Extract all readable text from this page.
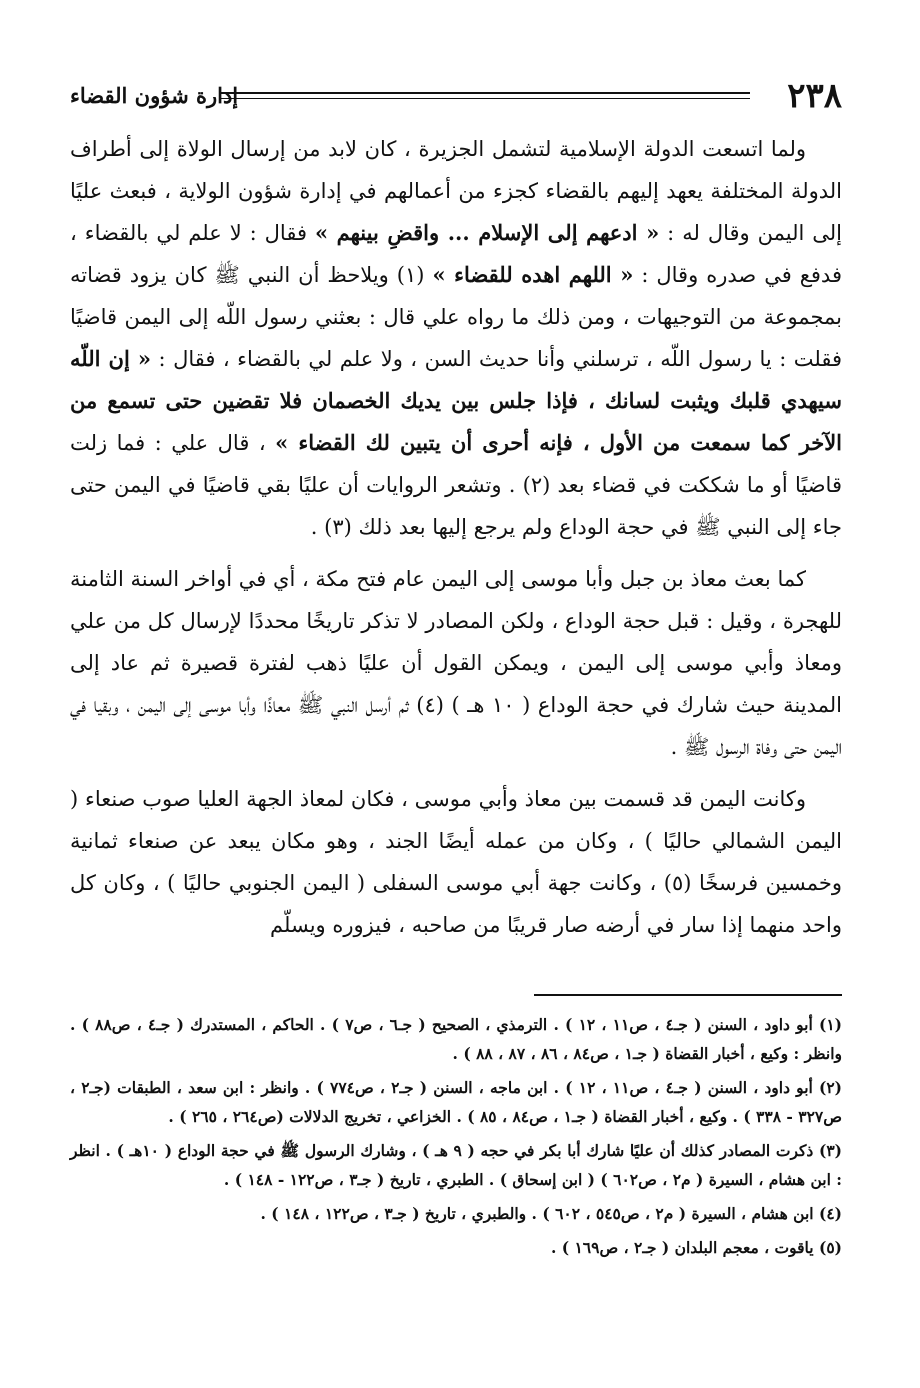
٢٣٨
إدارة شؤون القضاء

ولما اتسعت الدولة الإسلامية لتشمل الجزيرة ، كان لابد من إرسال الولاة إلى أطراف الدولة المختلفة يعهد إليهم بالقضاء كجزء من أعمالهم في إدارة شؤون الولاية ، فبعث عليًا إلى اليمن وقال له : « ادعهم إلى الإسلام ... واقضِ بينهم » فقال : لا علم لي بالقضاء ، فدفع في صدره وقال : « اللهم اهده للقضاء » (١) ويلاحظ أن النبي ﷺ كان يزود قضاته بمجموعة من التوجيهات ، ومن ذلك ما رواه علي قال : بعثني رسول اللّه إلى اليمن قاضيًا فقلت : يا رسول اللّه ، ترسلني وأنا حديث السن ، ولا علم لي بالقضاء ، فقال : « إن اللّه سيهدي قلبك ويثبت لسانك ، فإذا جلس بين يديك الخصمان فلا تقضين حتى تسمع من الآخر كما سمعت من الأول ، فإنه أحرى أن يتبين لك القضاء » ، قال علي : فما زلت قاضيًا أو ما شككت في قضاء بعد (٢) . وتشعر الروايات أن عليًا بقي قاضيًا في اليمن حتى جاء إلى النبي ﷺ في حجة الوداع ولم يرجع إليها بعد ذلك (٣) .

كما بعث معاذ بن جبل وأبا موسى إلى اليمن عام فتح مكة ، أي في أواخر السنة الثامنة للهجرة ، وقيل : قبل حجة الوداع ، ولكن المصادر لا تذكر تاريخًا محددًا لإرسال كل من علي ومعاذ وأبي موسى إلى اليمن ، ويمكن القول أن عليًا ذهب لفترة قصيرة ثم عاد إلى المدينة حيث شارك في حجة الوداع ( ١٠ هـ ) (٤) ثم أرسل النبي ﷺ معاذًا وأبا موسى إلى اليمن ، وبقيا في اليمن حتى وفاة الرسول ﷺ .

وكانت اليمن قد قسمت بين معاذ وأبي موسى ، فكان لمعاذ الجهة العليا صوب صنعاء ( اليمن الشمالي حاليًا ) ، وكان من عمله أيضًا الجند ، وهو مكان يبعد عن صنعاء ثمانية وخمسين فرسخًا (٥) ، وكانت جهة أبي موسى السفلى ( اليمن الجنوبي حاليًا ) ، وكان كل واحد منهما إذا سار في أرضه صار قريبًا من صاحبه ، فيزوره ويسلّم

(١) أبو داود ، السنن ( جـ٤ ، ص١١ ، ١٢ ) . الترمذي ، الصحيح ( جـ٦ ، ص٧ ) . الحاكم ، المستدرك ( جـ٤ ، ص٨٨ ) . وانظر : وكيع ، أخبار القضاة ( جـ١ ، ص٨٤ ، ٨٦ ، ٨٧ ، ٨٨ ) .

(٢) أبو داود ، السنن ( جـ٤ ، ص١١ ، ١٢ ) . ابن ماجه ، السنن ( جـ٢ ، ص٧٧٤ ) . وانظر : ابن سعد ، الطبقات (جـ٢ ، ص٣٢٧ - ٣٣٨ ) . وكيع ، أخبار القضاة ( جـ١ ، ص٨٤ ، ٨٥ ) . الخزاعي ، تخريج الدلالات (ص٢٦٤ ، ٢٦٥ ) .

(٣) ذكرت المصادر كذلك أن عليًا شارك أبا بكر في حجه ( ٩ هـ ) ، وشارك الرسول ﷺ في حجة الوداع ( ١٠هـ ) . انظر : ابن هشام ، السيرة ( م٢ ، ص٦٠٢ ) ( ابن إسحاق ) . الطبري ، تاريخ ( جـ٣ ، ص١٢٢ - ١٤٨ ) .

(٤) ابن هشام ، السيرة ( م٢ ، ص٥٤٥ ، ٦٠٢ ) . والطبري ، تاريخ ( جـ٣ ، ص١٢٢ ، ١٤٨ ) .

(٥) ياقوت ، معجم البلدان ( جـ٢ ، ص١٦٩ ) .
